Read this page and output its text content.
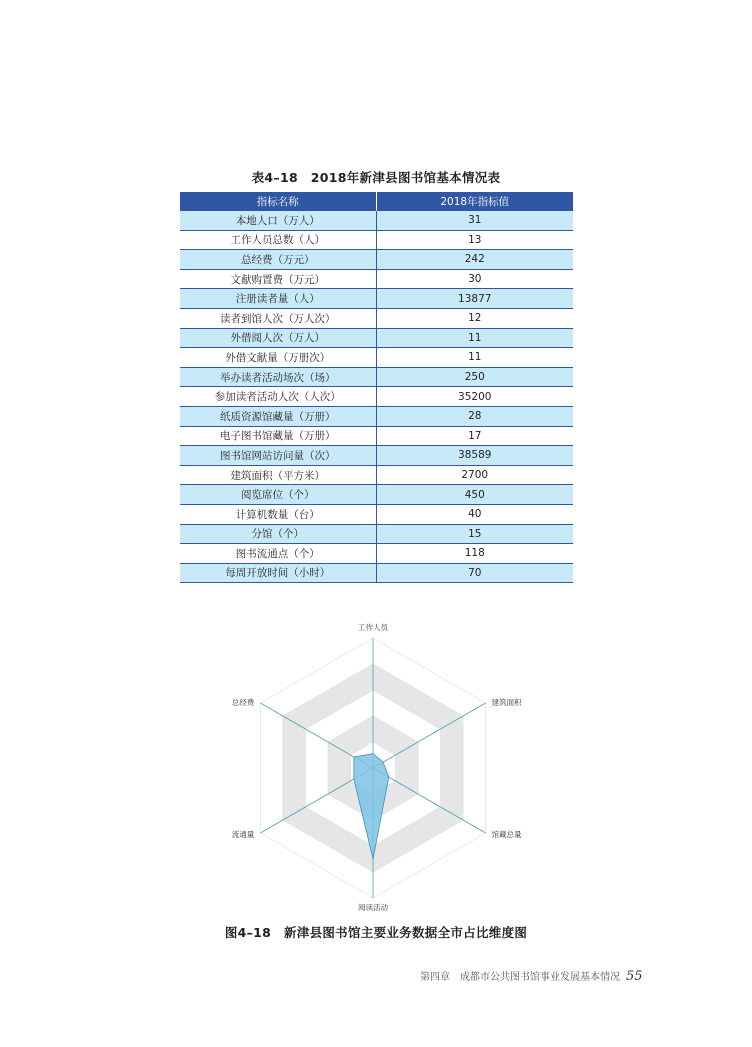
表4–18　2018年新津县图书馆基本情况表
指标名称	2018年指标值
本地人口（万人）	31
工作人员总数（人）	13
总经费（万元）	242
文献购置费（万元）	30
注册读者量（人）	13877
读者到馆人次（万人次）	12
外借阅人次（万人）	11
外借文献量（万册次）	11
举办读者活动场次（场）	250
参加读者活动人次（人次）	35200
纸质资源馆藏量（万册）	28
电子图书馆藏量（万册）	17
图书馆网站访问量（次）	38589
建筑面积（平方米）	2700
阅览席位（个）	450
计算机数量（台）	40
分馆（个）	15
图书流通点（个）	118
每周开放时间（小时）	70
工作人员
建筑面积
馆藏总量
阅读活动
流通量
总经费
图4–18　新津县图书馆主要业务数据全市占比维度图
第四章　成都市公共图书馆事业发展基本情况 55
